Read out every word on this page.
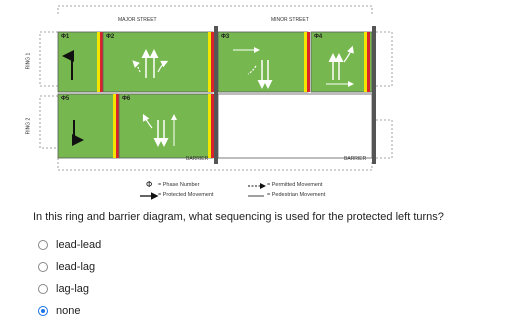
Φ
MAJOR STREET	MINOR STREET
RING 1
RING 2
Φ1	Φ2	Φ3	Φ4
Φ5	Φ6
BARRIER	BARRIER
= Phase Number
= Protected Movement
= Permitted Movement
= Pedestrian Movement
In this ring and barrier diagram, what sequencing is used for the protected left turns?
lead-lead
lead-lag
lag-lag
none
